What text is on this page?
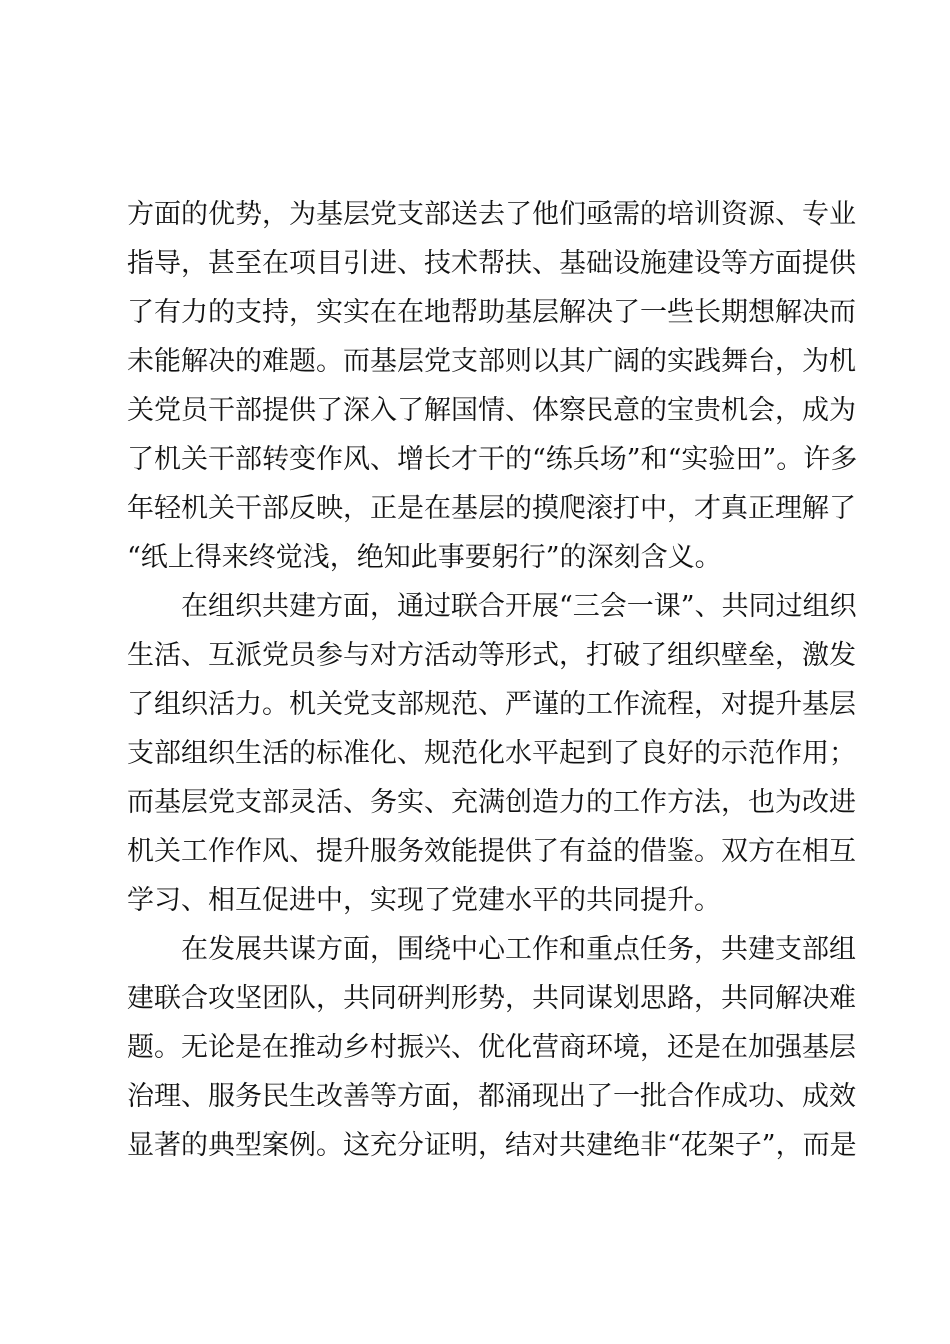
方面的优势，为基层党支部送去了他们亟需的培训资源、专业
指导，甚至在项目引进、技术帮扶、基础设施建设等方面提供
了有力的支持，实实在在地帮助基层解决了一些长期想解决而
未能解决的难题。而基层党支部则以其广阔的实践舞台，为机
关党员干部提供了深入了解国情、体察民意的宝贵机会，成为
了机关干部转变作风、增长才干的“练兵场”和“实验田”。许多
年轻机关干部反映，正是在基层的摸爬滚打中，才真正理解了
“纸上得来终觉浅，绝知此事要躬行”的深刻含义。
在组织共建方面，通过联合开展“三会一课”、共同过组织
生活、互派党员参与对方活动等形式，打破了组织壁垒，激发
了组织活力。机关党支部规范、严谨的工作流程，对提升基层
支部组织生活的标准化、规范化水平起到了良好的示范作用；
而基层党支部灵活、务实、充满创造力的工作方法，也为改进
机关工作作风、提升服务效能提供了有益的借鉴。双方在相互
学习、相互促进中，实现了党建水平的共同提升。
在发展共谋方面，围绕中心工作和重点任务，共建支部组
建联合攻坚团队，共同研判形势，共同谋划思路，共同解决难
题。无论是在推动乡村振兴、优化营商环境，还是在加强基层
治理、服务民生改善等方面，都涌现出了一批合作成功、成效
显著的典型案例。这充分证明，结对共建绝非“花架子”，而是
